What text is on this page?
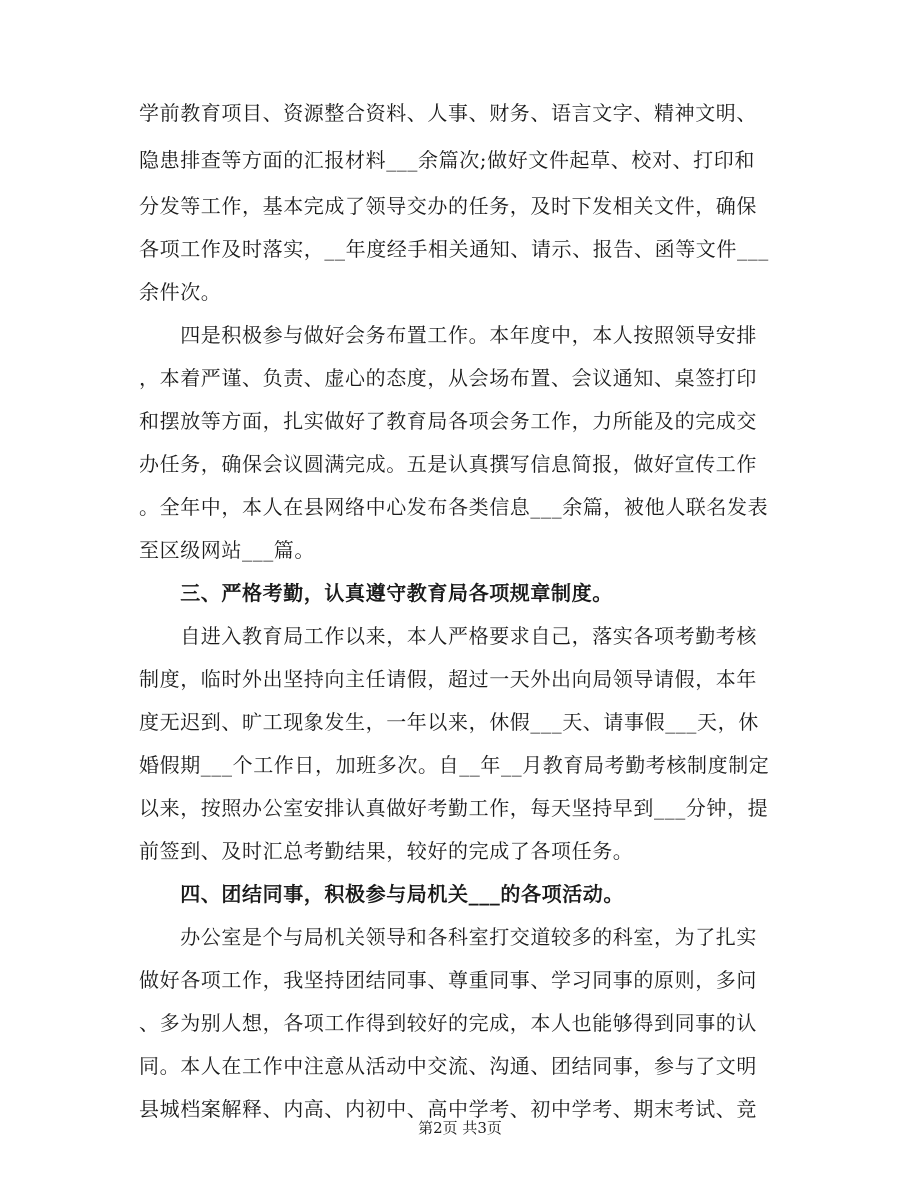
学前教育项目、资源整合资料、人事、财务、语言文字、精神文明、
隐患排查等方面的汇报材料___余篇次;做好文件起草、校对、打印和
分发等工作，基本完成了领导交办的任务，及时下发相关文件，确保
各项工作及时落实，__年度经手相关通知、请示、报告、函等文件___
余件次。
　　四是积极参与做好会务布置工作。本年度中，本人按照领导安排
，本着严谨、负责、虚心的态度，从会场布置、会议通知、桌签打印
和摆放等方面，扎实做好了教育局各项会务工作，力所能及的完成交
办任务，确保会议圆满完成。五是认真撰写信息简报，做好宣传工作
。全年中，本人在县网络中心发布各类信息___余篇，被他人联名发表
至区级网站___篇。
　　三、严格考勤，认真遵守教育局各项规章制度。
　　自进入教育局工作以来，本人严格要求自己，落实各项考勤考核
制度，临时外出坚持向主任请假，超过一天外出向局领导请假，本年
度无迟到、旷工现象发生，一年以来，休假___天、请事假___天，休
婚假期___个工作日，加班多次。自__年__月教育局考勤考核制度制定
以来，按照办公室安排认真做好考勤工作，每天坚持早到___分钟，提
前签到、及时汇总考勤结果，较好的完成了各项任务。
　　四、团结同事，积极参与局机关___的各项活动。
　　办公室是个与局机关领导和各科室打交道较多的科室，为了扎实
做好各项工作，我坚持团结同事、尊重同事、学习同事的原则，多问
、多为别人想，各项工作得到较好的完成，本人也能够得到同事的认
同。本人在工作中注意从活动中交流、沟通、团结同事，参与了文明
县城档案解释、内高、内初中、高中学考、初中学考、期末考试、竞
第2页 共3页
